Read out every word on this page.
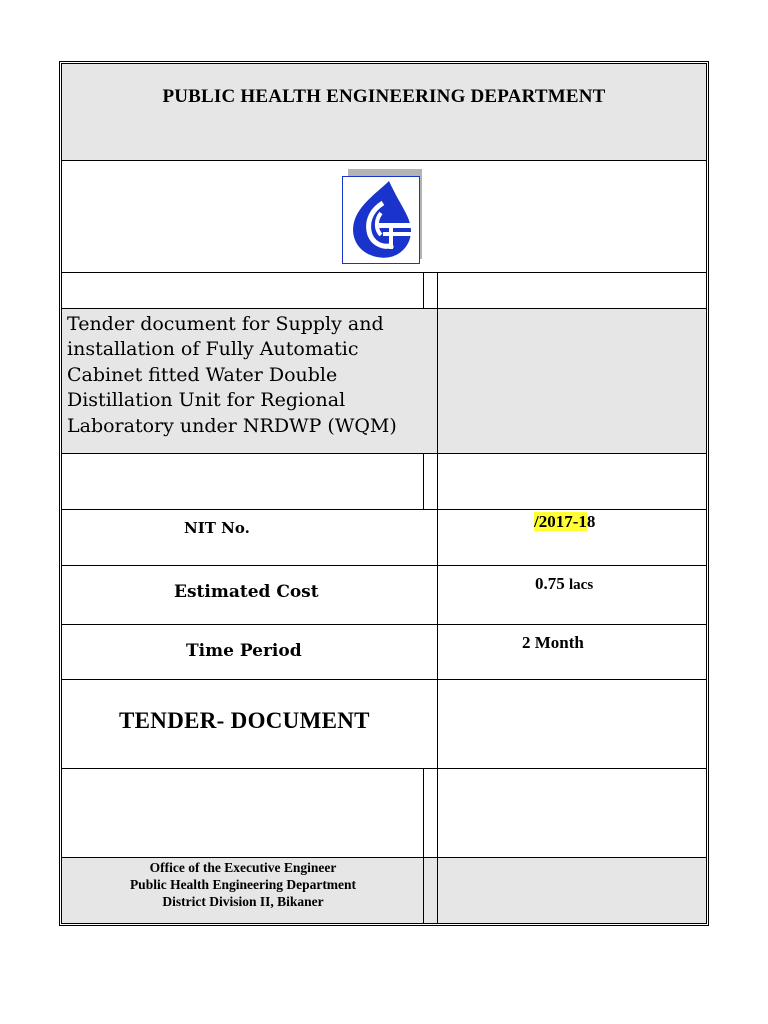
PUBLIC HEALTH ENGINEERING DEPARTMENT
Tender document for Supply and
installation of Fully Automatic
Cabinet fitted Water Double
Distillation Unit for Regional
Laboratory under NRDWP (WQM)
NIT No.	/2017-18
Estimated Cost	0.75 lacs
Time Period	2 Month
TENDER- DOCUMENT
Office of the Executive Engineer
Public Health Engineering Department
District Division II, Bikaner
